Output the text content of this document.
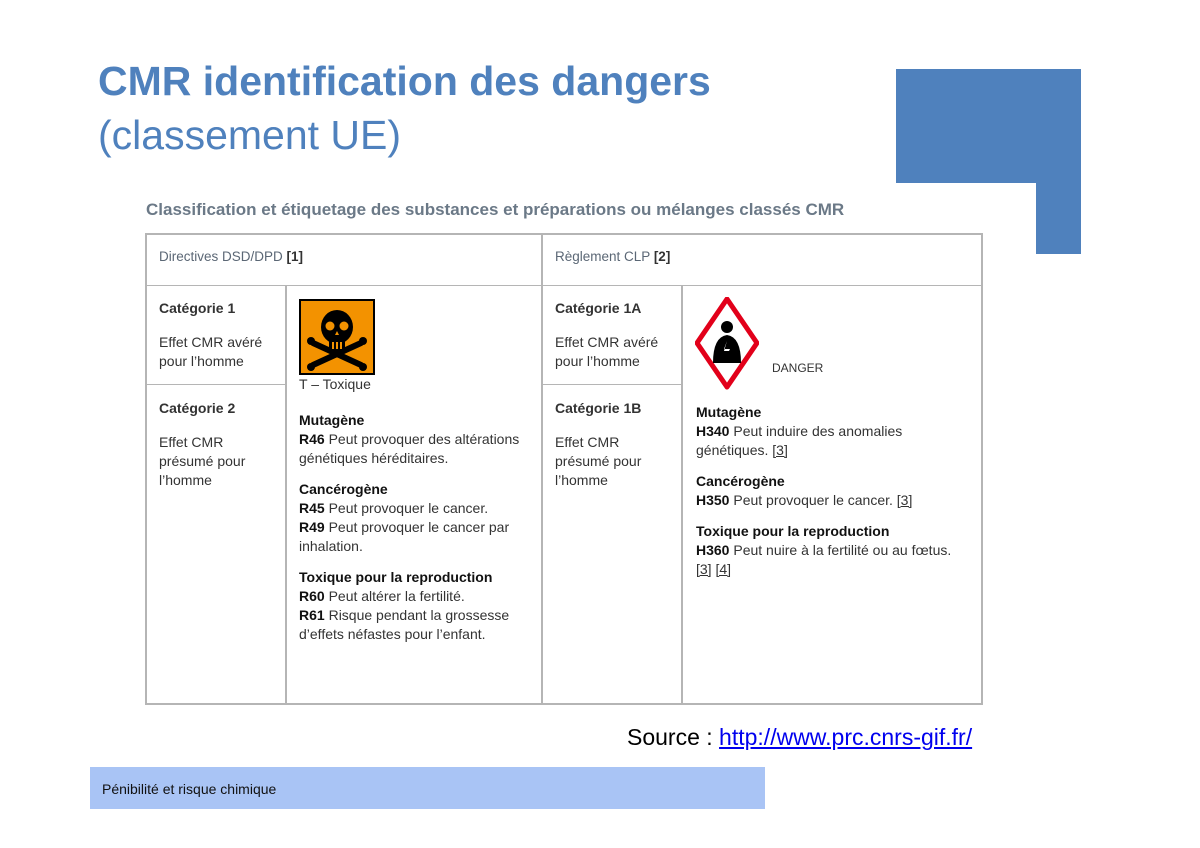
CMR identification des dangers
(classement UE)
Classification et étiquetage des substances et préparations ou mélanges classés CMR
Directives DSD/DPD [1]	Règlement CLP [2]
Catégorie 1
Effet CMR avéré pour l’homme
Catégorie 2
Effet CMR présumé pour l’homme
T – Toxique
Mutagène
R46 Peut provoquer des altérations génétiques héréditaires.
Cancérogène
R45 Peut provoquer le cancer.
R49 Peut provoquer le cancer par inhalation.
Toxique pour la reproduction
R60 Peut altérer la fertilité.
R61 Risque pendant la grossesse d’effets néfastes pour l’enfant.
Catégorie 1A
Effet CMR avéré pour l’homme
Catégorie 1B
Effet CMR présumé pour l’homme
DANGER
Mutagène
H340 Peut induire des anomalies génétiques. [3]
Cancérogène
H350 Peut provoquer le cancer. [3]
Toxique pour la reproduction
H360 Peut nuire à la fertilité ou au fœtus. [3] [4]
Source : http://www.prc.cnrs-gif.fr/
Pénibilité et risque chimique
